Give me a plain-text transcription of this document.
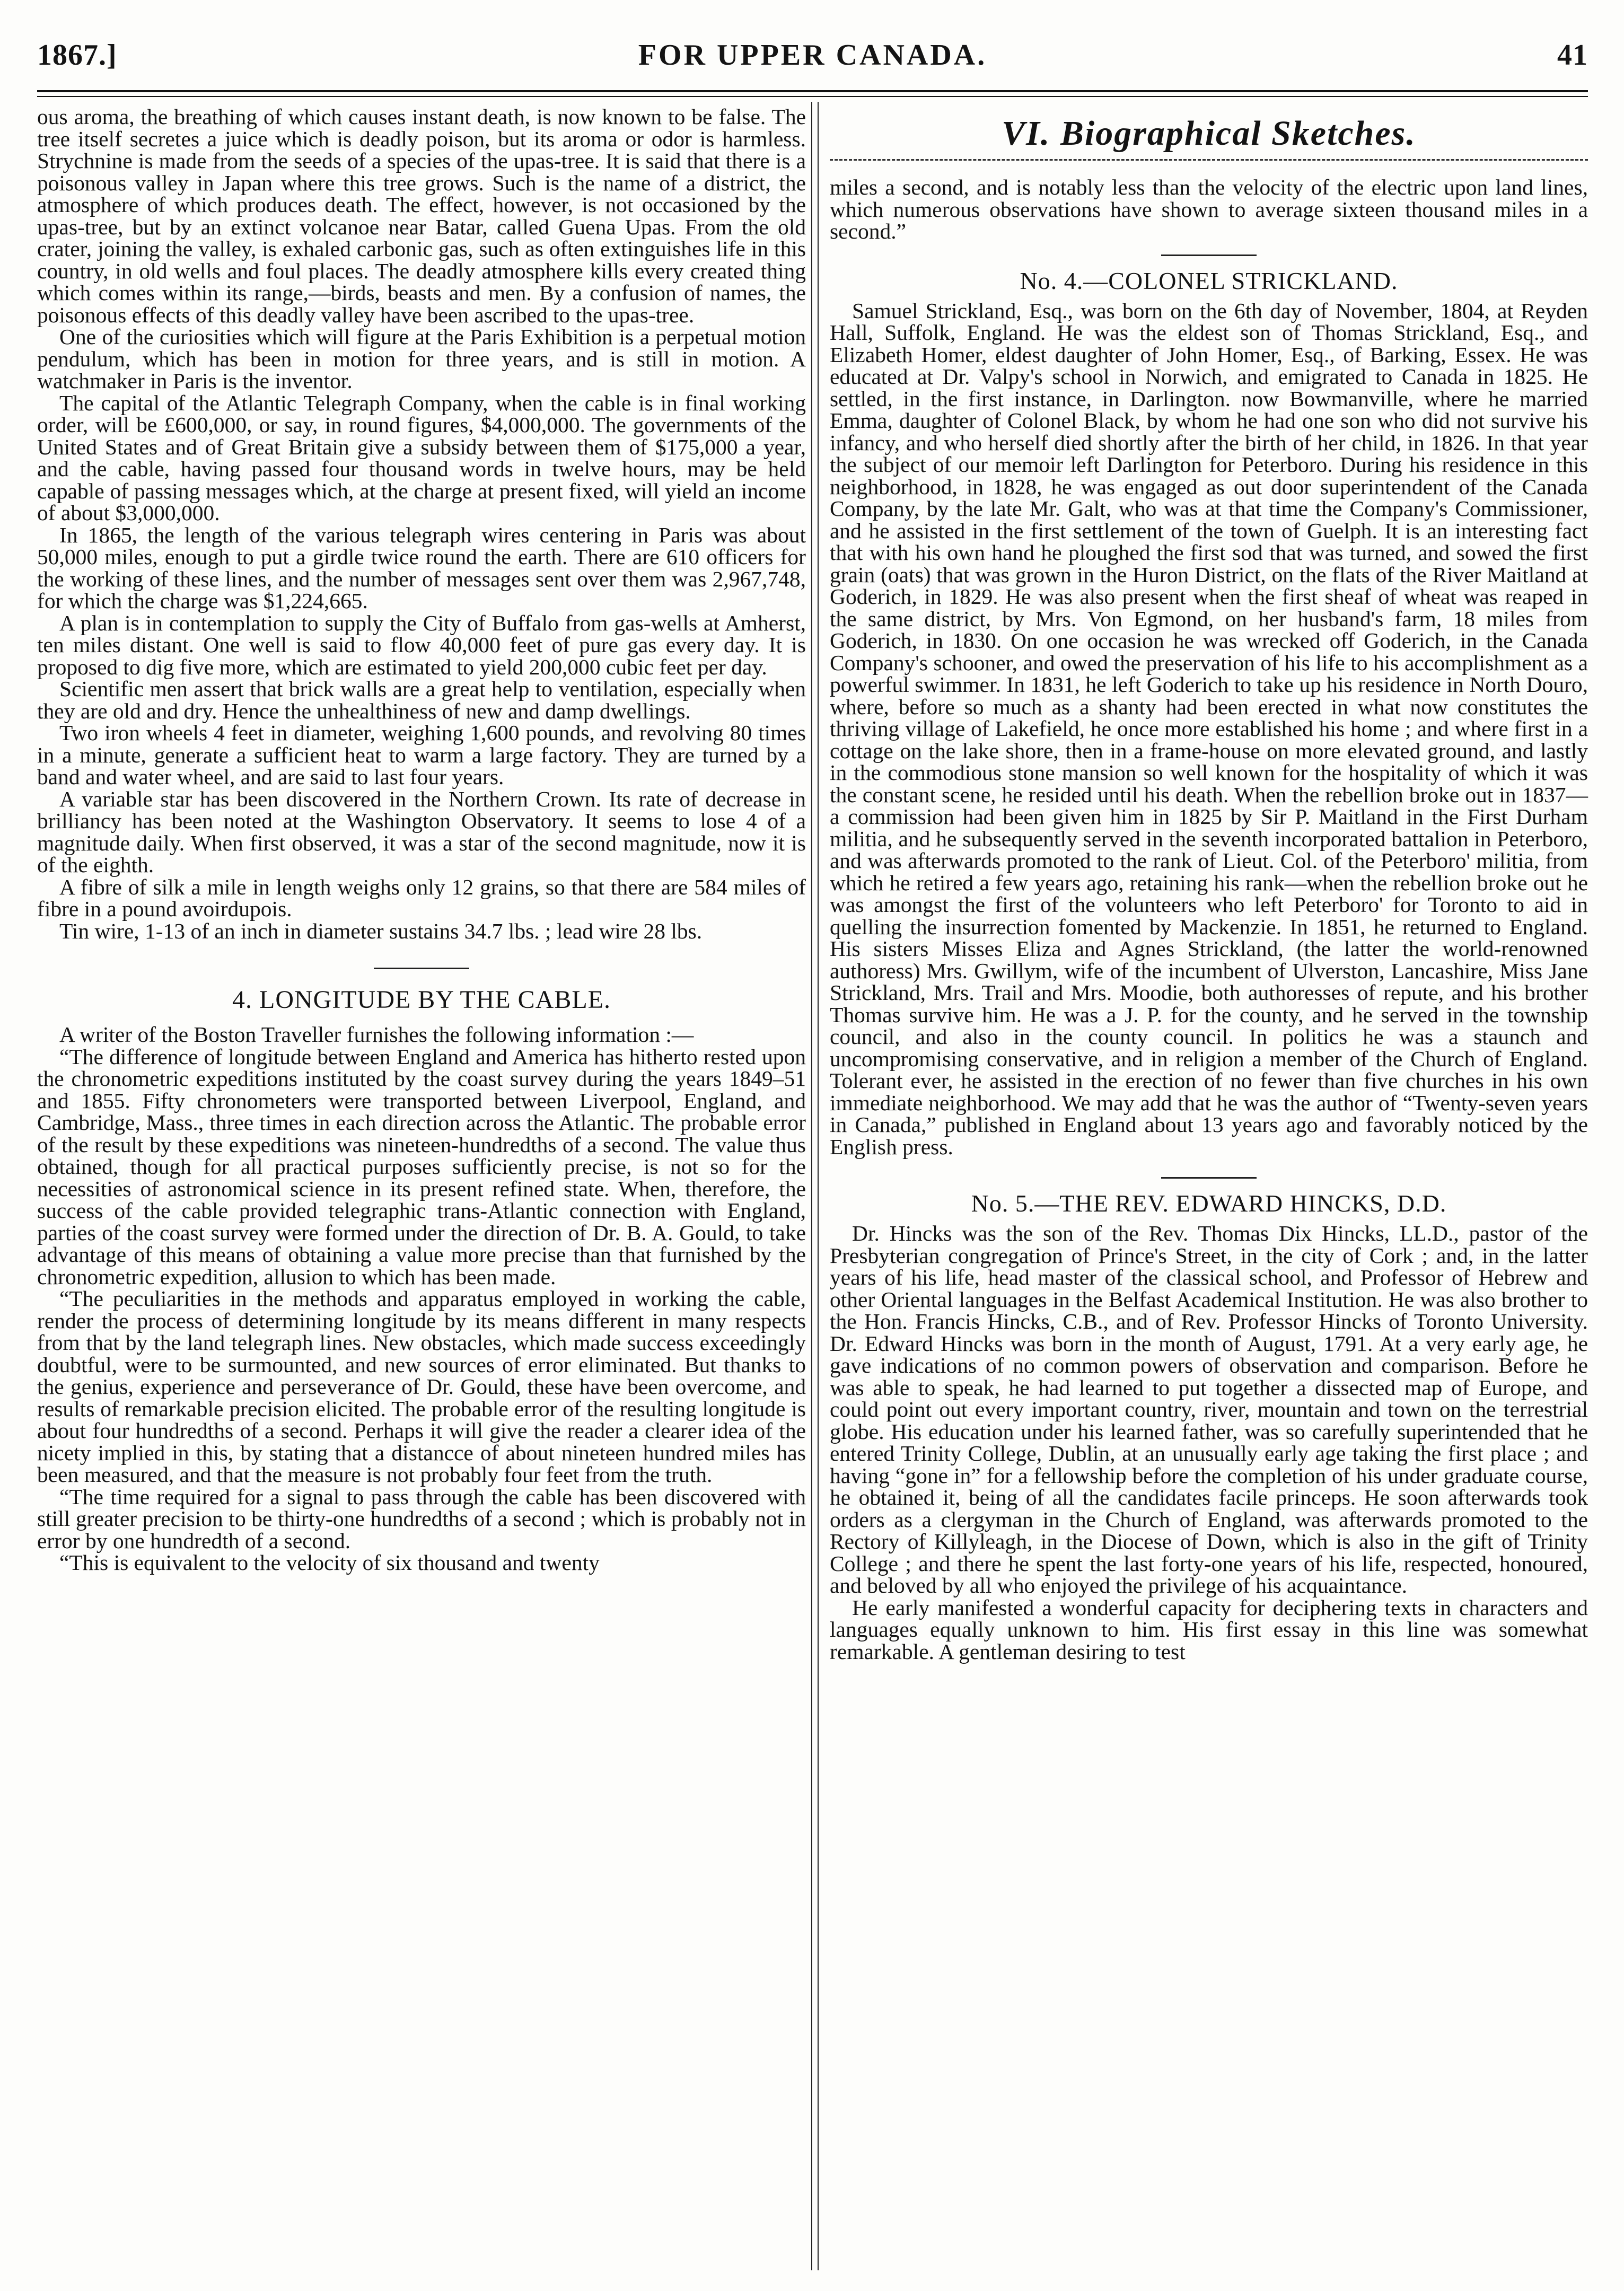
1867.]	FOR UPPER CANADA.	41

ous aroma, the breathing of which causes instant death, is now known to be false. The tree itself secretes a juice which is deadly poison, but its aroma or odor is harmless. Strychnine is made from the seeds of a species of the upas-tree. It is said that there is a poisonous valley in Japan where this tree grows. Such is the name of a district, the atmosphere of which produces death. The effect, however, is not occasioned by the upas-tree, but by an extinct volcanoe near Batar, called Guena Upas. From the old crater, joining the valley, is exhaled carbonic gas, such as often extinguishes life in this country, in old wells and foul places. The deadly atmosphere kills every created thing which comes within its range,—birds, beasts and men. By a confusion of names, the poisonous effects of this deadly valley have been ascribed to the upas-tree.

One of the curiosities which will figure at the Paris Exhibition is a perpetual motion pendulum, which has been in motion for three years, and is still in motion. A watchmaker in Paris is the inventor.

The capital of the Atlantic Telegraph Company, when the cable is in final working order, will be £600,000, or say, in round figures, $4,000,000. The governments of the United States and of Great Britain give a subsidy between them of $175,000 a year, and the cable, having passed four thousand words in twelve hours, may be held capable of passing messages which, at the charge at present fixed, will yield an income of about $3,000,000.

In 1865, the length of the various telegraph wires centering in Paris was about 50,000 miles, enough to put a girdle twice round the earth. There are 610 officers for the working of these lines, and the number of messages sent over them was 2,967,748, for which the charge was $1,224,665.

A plan is in contemplation to supply the City of Buffalo from gas-wells at Amherst, ten miles distant. One well is said to flow 40,000 feet of pure gas every day. It is proposed to dig five more, which are estimated to yield 200,000 cubic feet per day.

Scientific men assert that brick walls are a great help to ventilation, especially when they are old and dry. Hence the unhealthiness of new and damp dwellings.

Two iron wheels 4 feet in diameter, weighing 1,600 pounds, and revolving 80 times in a minute, generate a sufficient heat to warm a large factory. They are turned by a band and water wheel, and are said to last four years.

A variable star has been discovered in the Northern Crown. Its rate of decrease in brilliancy has been noted at the Washington Observatory. It seems to lose 4 of a magnitude daily. When first observed, it was a star of the second magnitude, now it is of the eighth.

A fibre of silk a mile in length weighs only 12 grains, so that there are 584 miles of fibre in a pound avoirdupois.

Tin wire, 1-13 of an inch in diameter sustains 34.7 lbs. ; lead wire 28 lbs.

4. LONGITUDE BY THE CABLE.

A writer of the Boston Traveller furnishes the following information :—

“The difference of longitude between England and America has hitherto rested upon the chronometric expeditions instituted by the coast survey during the years 1849–51 and 1855. Fifty chronometers were transported between Liverpool, England, and Cambridge, Mass., three times in each direction across the Atlantic. The probable error of the result by these expeditions was nineteen-hundredths of a second. The value thus obtained, though for all practical purposes sufficiently precise, is not so for the necessities of astronomical science in its present refined state. When, therefore, the success of the cable provided telegraphic trans-Atlantic connection with England, parties of the coast survey were formed under the direction of Dr. B. A. Gould, to take advantage of this means of obtaining a value more precise than that furnished by the chronometric expedition, allusion to which has been made.

“The peculiarities in the methods and apparatus employed in working the cable, render the process of determining longitude by its means different in many respects from that by the land telegraph lines. New obstacles, which made success exceedingly doubtful, were to be surmounted, and new sources of error eliminated. But thanks to the genius, experience and perseverance of Dr. Gould, these have been overcome, and results of remarkable precision elicited. The probable error of the resulting longitude is about four hundredths of a second. Perhaps it will give the reader a clearer idea of the nicety implied in this, by stating that a distancce of about nineteen hundred miles has been measured, and that the measure is not probably four feet from the truth.

“The time required for a signal to pass through the cable has been discovered with still greater precision to be thirty-one hundredths of a second ; which is probably not in error by one hundredth of a second.

“This is equivalent to the velocity of six thousand and twenty

VI. Biographical Sketches.

miles a second, and is notably less than the velocity of the electric upon land lines, which numerous observations have shown to average sixteen thousand miles in a second.”

No. 4.—COLONEL STRICKLAND.

Samuel Strickland, Esq., was born on the 6th day of November, 1804, at Reyden Hall, Suffolk, England. He was the eldest son of Thomas Strickland, Esq., and Elizabeth Homer, eldest daughter of John Homer, Esq., of Barking, Essex. He was educated at Dr. Valpy's school in Norwich, and emigrated to Canada in 1825. He settled, in the first instance, in Darlington. now Bowmanville, where he married Emma, daughter of Colonel Black, by whom he had one son who did not survive his infancy, and who herself died shortly after the birth of her child, in 1826. In that year the subject of our memoir left Darlington for Peterboro. During his residence in this neighborhood, in 1828, he was engaged as out door superintendent of the Canada Company, by the late Mr. Galt, who was at that time the Company's Commissioner, and he assisted in the first settlement of the town of Guelph. It is an interesting fact that with his own hand he ploughed the first sod that was turned, and sowed the first grain (oats) that was grown in the Huron District, on the flats of the River Maitland at Goderich, in 1829. He was also present when the first sheaf of wheat was reaped in the same district, by Mrs. Von Egmond, on her husband's farm, 18 miles from Goderich, in 1830. On one occasion he was wrecked off Goderich, in the Canada Company's schooner, and owed the preservation of his life to his accomplishment as a powerful swimmer. In 1831, he left Goderich to take up his residence in North Douro, where, before so much as a shanty had been erected in what now constitutes the thriving village of Lakefield, he once more established his home ; and where first in a cottage on the lake shore, then in a frame-house on more elevated ground, and lastly in the commodious stone mansion so well known for the hospitality of which it was the constant scene, he resided until his death. When the rebellion broke out in 1837—a commission had been given him in 1825 by Sir P. Maitland in the First Durham militia, and he subsequently served in the seventh incorporated battalion in Peterboro, and was afterwards promoted to the rank of Lieut. Col. of the Peterboro' militia, from which he retired a few years ago, retaining his rank—when the rebellion broke out he was amongst the first of the volunteers who left Peterboro' for Toronto to aid in quelling the insurrection fomented by Mackenzie. In 1851, he returned to England. His sisters Misses Eliza and Agnes Strickland, (the latter the world-renowned authoress) Mrs. Gwillym, wife of the incumbent of Ulverston, Lancashire, Miss Jane Strickland, Mrs. Trail and Mrs. Moodie, both authoresses of repute, and his brother Thomas survive him. He was a J. P. for the county, and he served in the township council, and also in the county council. In politics he was a staunch and uncompromising conservative, and in religion a member of the Church of England. Tolerant ever, he assisted in the erection of no fewer than five churches in his own immediate neighborhood. We may add that he was the author of “Twenty-seven years in Canada,” published in England about 13 years ago and favorably noticed by the English press.

No. 5.—THE REV. EDWARD HINCKS, D.D.

Dr. Hincks was the son of the Rev. Thomas Dix Hincks, LL.D., pastor of the Presbyterian congregation of Prince's Street, in the city of Cork ; and, in the latter years of his life, head master of the classical school, and Professor of Hebrew and other Oriental languages in the Belfast Academical Institution. He was also brother to the Hon. Francis Hincks, C.B., and of Rev. Professor Hincks of Toronto University. Dr. Edward Hincks was born in the month of August, 1791. At a very early age, he gave indications of no common powers of observation and comparison. Before he was able to speak, he had learned to put together a dissected map of Europe, and could point out every important country, river, mountain and town on the terrestrial globe. His education under his learned father, was so carefully superintended that he entered Trinity College, Dublin, at an unusually early age taking the first place ; and having “gone in” for a fellowship before the completion of his under graduate course, he obtained it, being of all the candidates facile princeps. He soon afterwards took orders as a clergyman in the Church of England, was afterwards promoted to the Rectory of Killyleagh, in the Diocese of Down, which is also in the gift of Trinity College ; and there he spent the last forty-one years of his life, respected, honoured, and beloved by all who enjoyed the privilege of his acquaintance.

He early manifested a wonderful capacity for deciphering texts in characters and languages equally unknown to him. His first essay in this line was somewhat remarkable. A gentleman desiring to test
